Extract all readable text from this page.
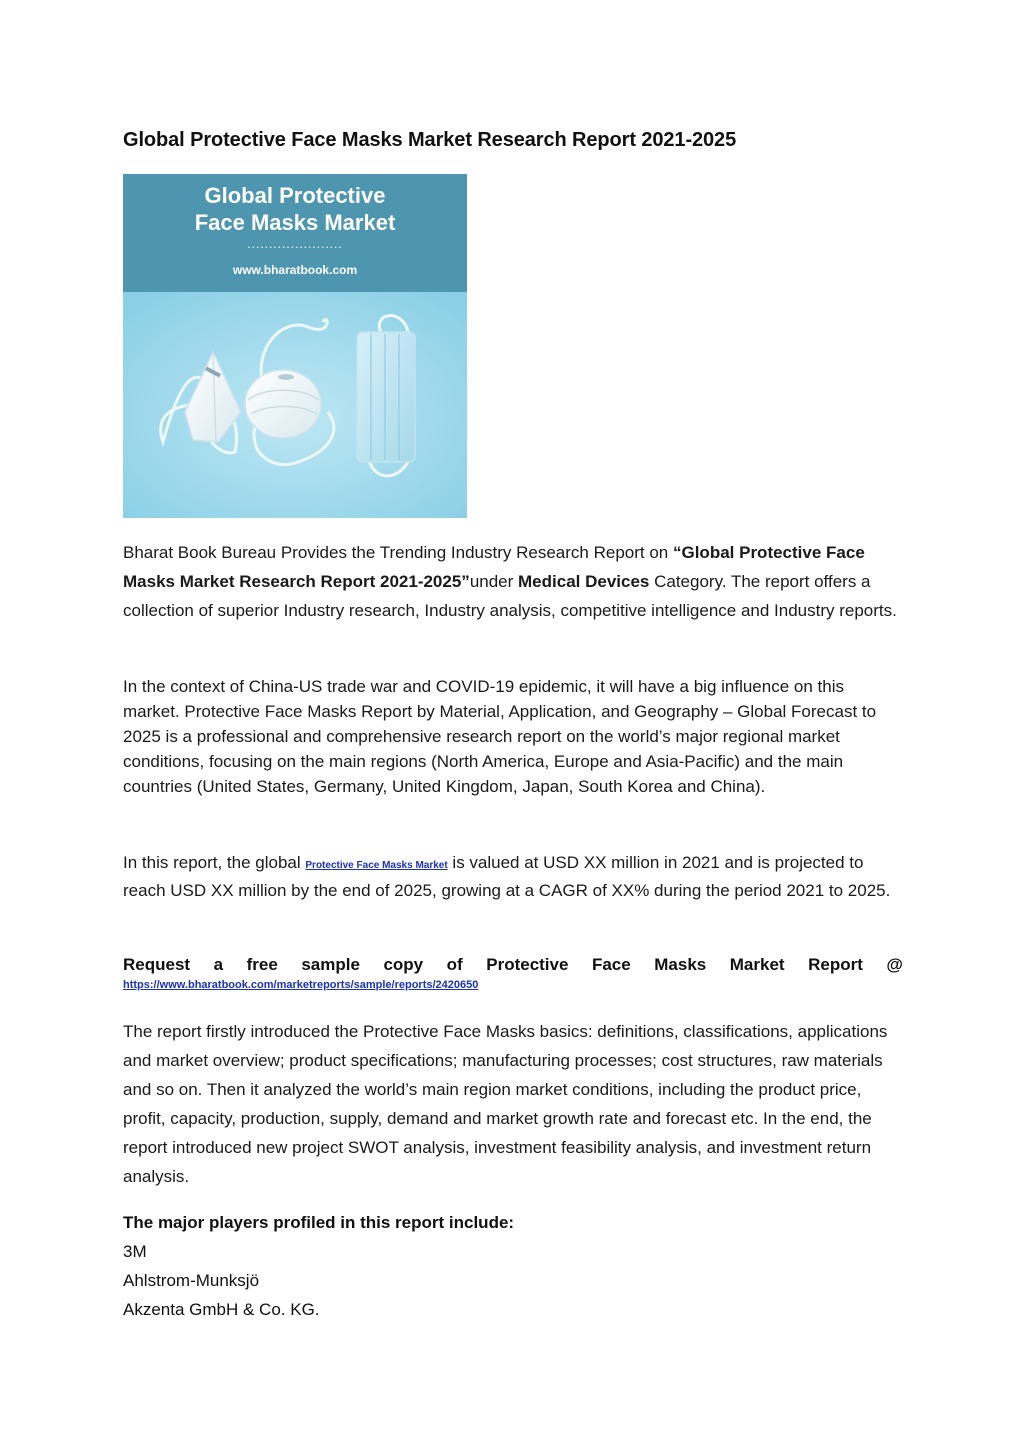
Global Protective Face Masks Market Research Report 2021-2025
Global Protective
Face Masks Market
......................
www.bharatbook.com
Bharat Book Bureau Provides the Trending Industry Research Report on “Global Protective Face Masks Market Research Report 2021-2025”under Medical Devices Category. The report offers a collection of superior Industry research, Industry analysis, competitive intelligence and Industry reports.
In the context of China-US trade war and COVID-19 epidemic, it will have a big influence on this market. Protective Face Masks Report by Material, Application, and Geography – Global Forecast to 2025 is a professional and comprehensive research report on the world’s major regional market conditions, focusing on the main regions (North America, Europe and Asia-Pacific) and the main countries (United States, Germany, United Kingdom, Japan, South Korea and China).
In this report, the global Protective Face Masks Market is valued at USD XX million in 2021 and is projected to reach USD XX million by the end of 2025, growing at a CAGR of XX% during the period 2021 to 2025.
Request a free sample copy of Protective Face Masks Market Report @
https://www.bharatbook.com/marketreports/sample/reports/2420650
The report firstly introduced the Protective Face Masks basics: definitions, classifications, applications and market overview; product specifications; manufacturing processes; cost structures, raw materials and so on. Then it analyzed the world’s main region market conditions, including the product price, profit, capacity, production, supply, demand and market growth rate and forecast etc. In the end, the report introduced new project SWOT analysis, investment feasibility analysis, and investment return analysis.
The major players profiled in this report include:
3M
Ahlstrom-Munksjö
Akzenta GmbH & Co. KG.
